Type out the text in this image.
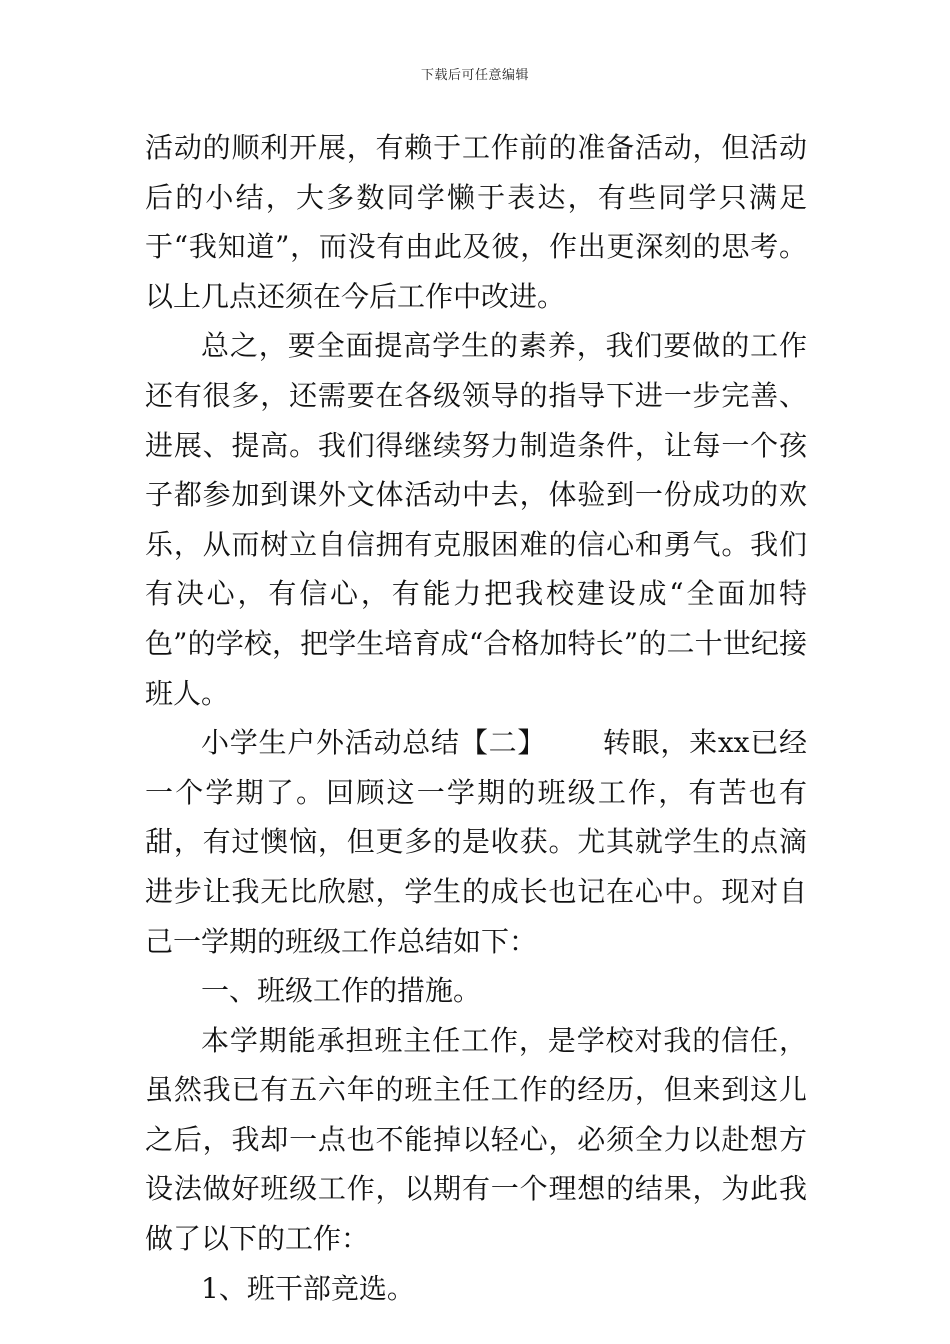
下载后可任意编辑

活动的顺利开展，有赖于工作前的准备活动，但活动后的小结，大多数同学懒于表达，有些同学只满足于“我知道”，而没有由此及彼，作出更深刻的思考。以上几点还须在今后工作中改进。

总之，要全面提高学生的素养，我们要做的工作还有很多，还需要在各级领导的指导下进一步完善、进展、提高。我们得继续努力制造条件，让每一个孩子都参加到课外文体活动中去，体验到一份成功的欢乐，从而树立自信拥有克服困难的信心和勇气。我们有决心，有信心，有能力把我校建设成“全面加特色”的学校，把学生培育成“合格加特长”的二十世纪接班人。

小学生户外活动总结【二】 转眼，来xx已经一个学期了。回顾这一学期的班级工作，有苦也有甜，有过懊恼，但更多的是收获。尤其就学生的点滴进步让我无比欣慰，学生的成长也记在心中。现对自己一学期的班级工作总结如下：

一、班级工作的措施。

本学期能承担班主任工作，是学校对我的信任，虽然我已有五六年的班主任工作的经历，但来到这儿之后，我却一点也不能掉以轻心，必须全力以赴想方设法做好班级工作，以期有一个理想的结果，为此我做了以下的工作：

1、班干部竞选。
